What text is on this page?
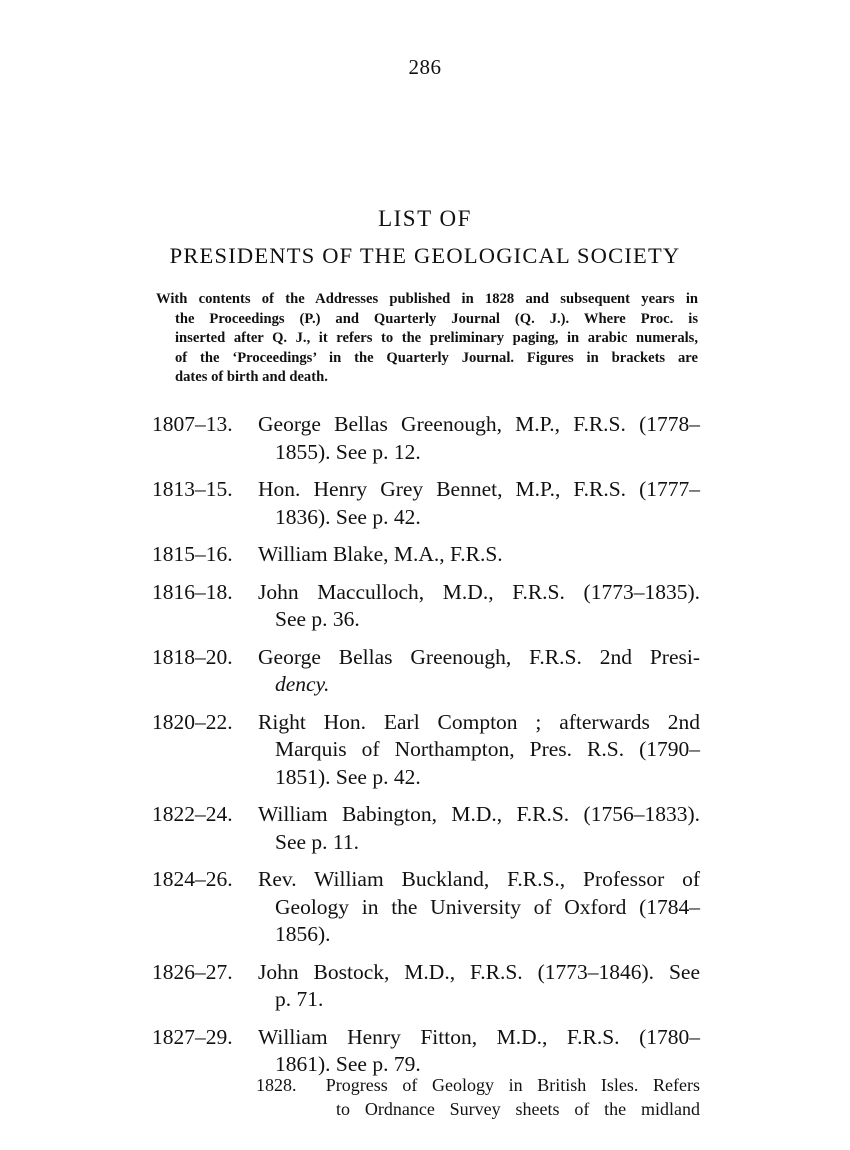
286
LIST OF
PRESIDENTS OF THE GEOLOGICAL SOCIETY
With contents of the Addresses published in 1828 and subsequent years in
the Proceedings (P.) and Quarterly Journal (Q. J.). Where Proc. is
inserted after Q. J., it refers to the preliminary paging, in arabic numerals,
of the ‘Proceedings’ in the Quarterly Journal. Figures in brackets are
dates of birth and death.
1807–13.	George Bellas Greenough, M.P., F.R.S. (1778–
1855). See p. 12.
1813–15.	Hon. Henry Grey Bennet, M.P., F.R.S. (1777–
1836). See p. 42.
1815–16.	William Blake, M.A., F.R.S.
1816–18.	John Macculloch, M.D., F.R.S. (1773–1835).
See p. 36.
1818–20.	George Bellas Greenough, F.R.S. 2nd Presi-
dency.
1820–22.	Right Hon. Earl Compton ; afterwards 2nd
Marquis of Northampton, Pres. R.S. (1790–
1851). See p. 42.
1822–24.	William Babington, M.D., F.R.S. (1756–1833).
See p. 11.
1824–26.	Rev. William Buckland, F.R.S., Professor of
Geology in the University of Oxford (1784–
1856).
1826–27.	John Bostock, M.D., F.R.S. (1773–1846). See
p. 71.
1827–29.	William Henry Fitton, M.D., F.R.S. (1780–
1861). See p. 79.
1828. Progress of Geology in British Isles. Refers
to Ordnance Survey sheets of the midland
